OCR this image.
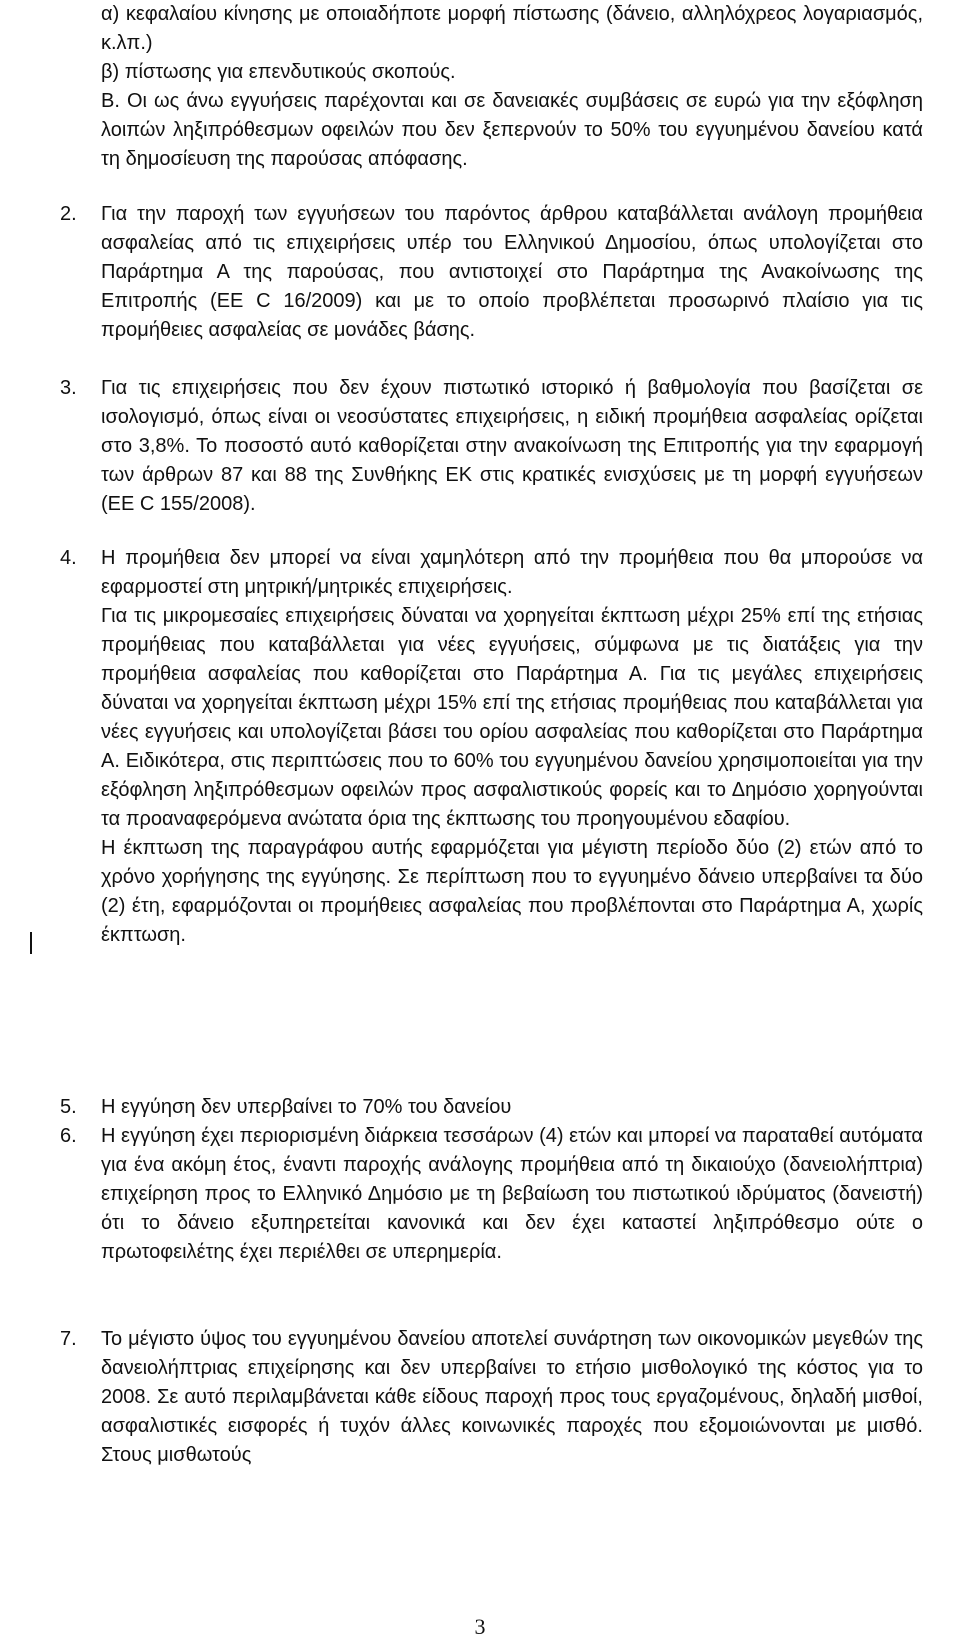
α) κεφαλαίου κίνησης με οποιαδήποτε μορφή πίστωσης (δάνειο, αλληλόχρεος λογαριασμός, κ.λπ.)

β) πίστωσης για επενδυτικούς σκοπούς.

Β. Οι ως άνω εγγυήσεις παρέχονται και σε δανειακές συμβάσεις σε ευρώ για την εξόφληση λοιπών ληξιπρόθεσμων οφειλών που δεν ξεπερνούν το 50% του εγγυημένου δανείου κατά τη δημοσίευση της παρούσας απόφασης.

2. Για την παροχή των εγγυήσεων του παρόντος άρθρου καταβάλλεται ανάλογη προμήθεια ασφαλείας από τις επιχειρήσεις υπέρ του Ελληνικού Δημοσίου, όπως υπολογίζεται στο Παράρτημα Α της παρούσας, που αντιστοιχεί στο Παράρτημα της Ανακοίνωσης της Επιτροπής (ΕΕ C 16/2009) και με το οποίο προβλέπεται προσωρινό πλαίσιο για τις προμήθειες ασφαλείας σε μονάδες βάσης.

3. Για τις επιχειρήσεις που δεν έχουν πιστωτικό ιστορικό ή βαθμολογία που βασίζεται σε ισολογισμό, όπως είναι οι νεοσύστατες επιχειρήσεις, η ειδική προμήθεια ασφαλείας ορίζεται στο 3,8%. Το ποσοστό αυτό καθορίζεται στην ανακοίνωση της Επιτροπής για την εφαρμογή των άρθρων 87 και 88 της Συνθήκης ΕΚ στις κρατικές ενισχύσεις με τη μορφή εγγυήσεων (ΕΕ C 155/2008).

4. Η προμήθεια δεν μπορεί να είναι χαμηλότερη από την προμήθεια που θα μπορούσε να εφαρμοστεί στη μητρική/μητρικές επιχειρήσεις.

Για τις μικρομεσαίες επιχειρήσεις δύναται να χορηγείται έκπτωση μέχρι 25% επί της ετήσιας προμήθειας που καταβάλλεται για νέες εγγυήσεις, σύμφωνα με τις διατάξεις για την προμήθεια ασφαλείας που καθορίζεται στο Παράρτημα Α. Για τις μεγάλες επιχειρήσεις δύναται να χορηγείται έκπτωση μέχρι 15% επί της ετήσιας προμήθειας που καταβάλλεται για νέες εγγυήσεις και υπολογίζεται βάσει του ορίου ασφαλείας που καθορίζεται στο Παράρτημα Α. Ειδικότερα, στις περιπτώσεις που το 60% του εγγυημένου δανείου χρησιμοποιείται για την εξόφληση ληξιπρόθεσμων οφειλών προς ασφαλιστικούς φορείς και το Δημόσιο χορηγούνται τα προαναφερόμενα ανώτατα όρια της έκπτωσης του προηγουμένου εδαφίου.

Η έκπτωση της παραγράφου αυτής εφαρμόζεται για μέγιστη περίοδο δύο (2) ετών από το χρόνο χορήγησης της εγγύησης. Σε περίπτωση που το εγγυημένο δάνειο υπερβαίνει τα δύο (2) έτη, εφαρμόζονται οι προμήθειες ασφαλείας που προβλέπονται στο Παράρτημα Α, χωρίς έκπτωση.

5. Η εγγύηση δεν υπερβαίνει το 70% του δανείου

6. Η εγγύηση έχει περιορισμένη διάρκεια τεσσάρων (4) ετών και μπορεί να παραταθεί αυτόματα για ένα ακόμη έτος, έναντι παροχής ανάλογης προμήθεια από τη δικαιούχο (δανειολήπτρια) επιχείρηση προς το Ελληνικό Δημόσιο με τη βεβαίωση του πιστωτικού ιδρύματος (δανειστή) ότι το δάνειο εξυπηρετείται κανονικά και δεν έχει καταστεί ληξιπρόθεσμο ούτε ο πρωτοφειλέτης έχει περιέλθει σε υπερημερία.

7. Το μέγιστο ύψος του εγγυημένου δανείου αποτελεί συνάρτηση των οικονομικών μεγεθών της δανειολήπτριας επιχείρησης και δεν υπερβαίνει το ετήσιο μισθολογικό της κόστος για το 2008. Σε αυτό περιλαμβάνεται κάθε είδους παροχή προς τους εργαζομένους, δηλαδή μισθοί, ασφαλιστικές εισφορές ή τυχόν άλλες κοινωνικές παροχές που εξομοιώνονται με μισθό. Στους μισθωτούς

3
